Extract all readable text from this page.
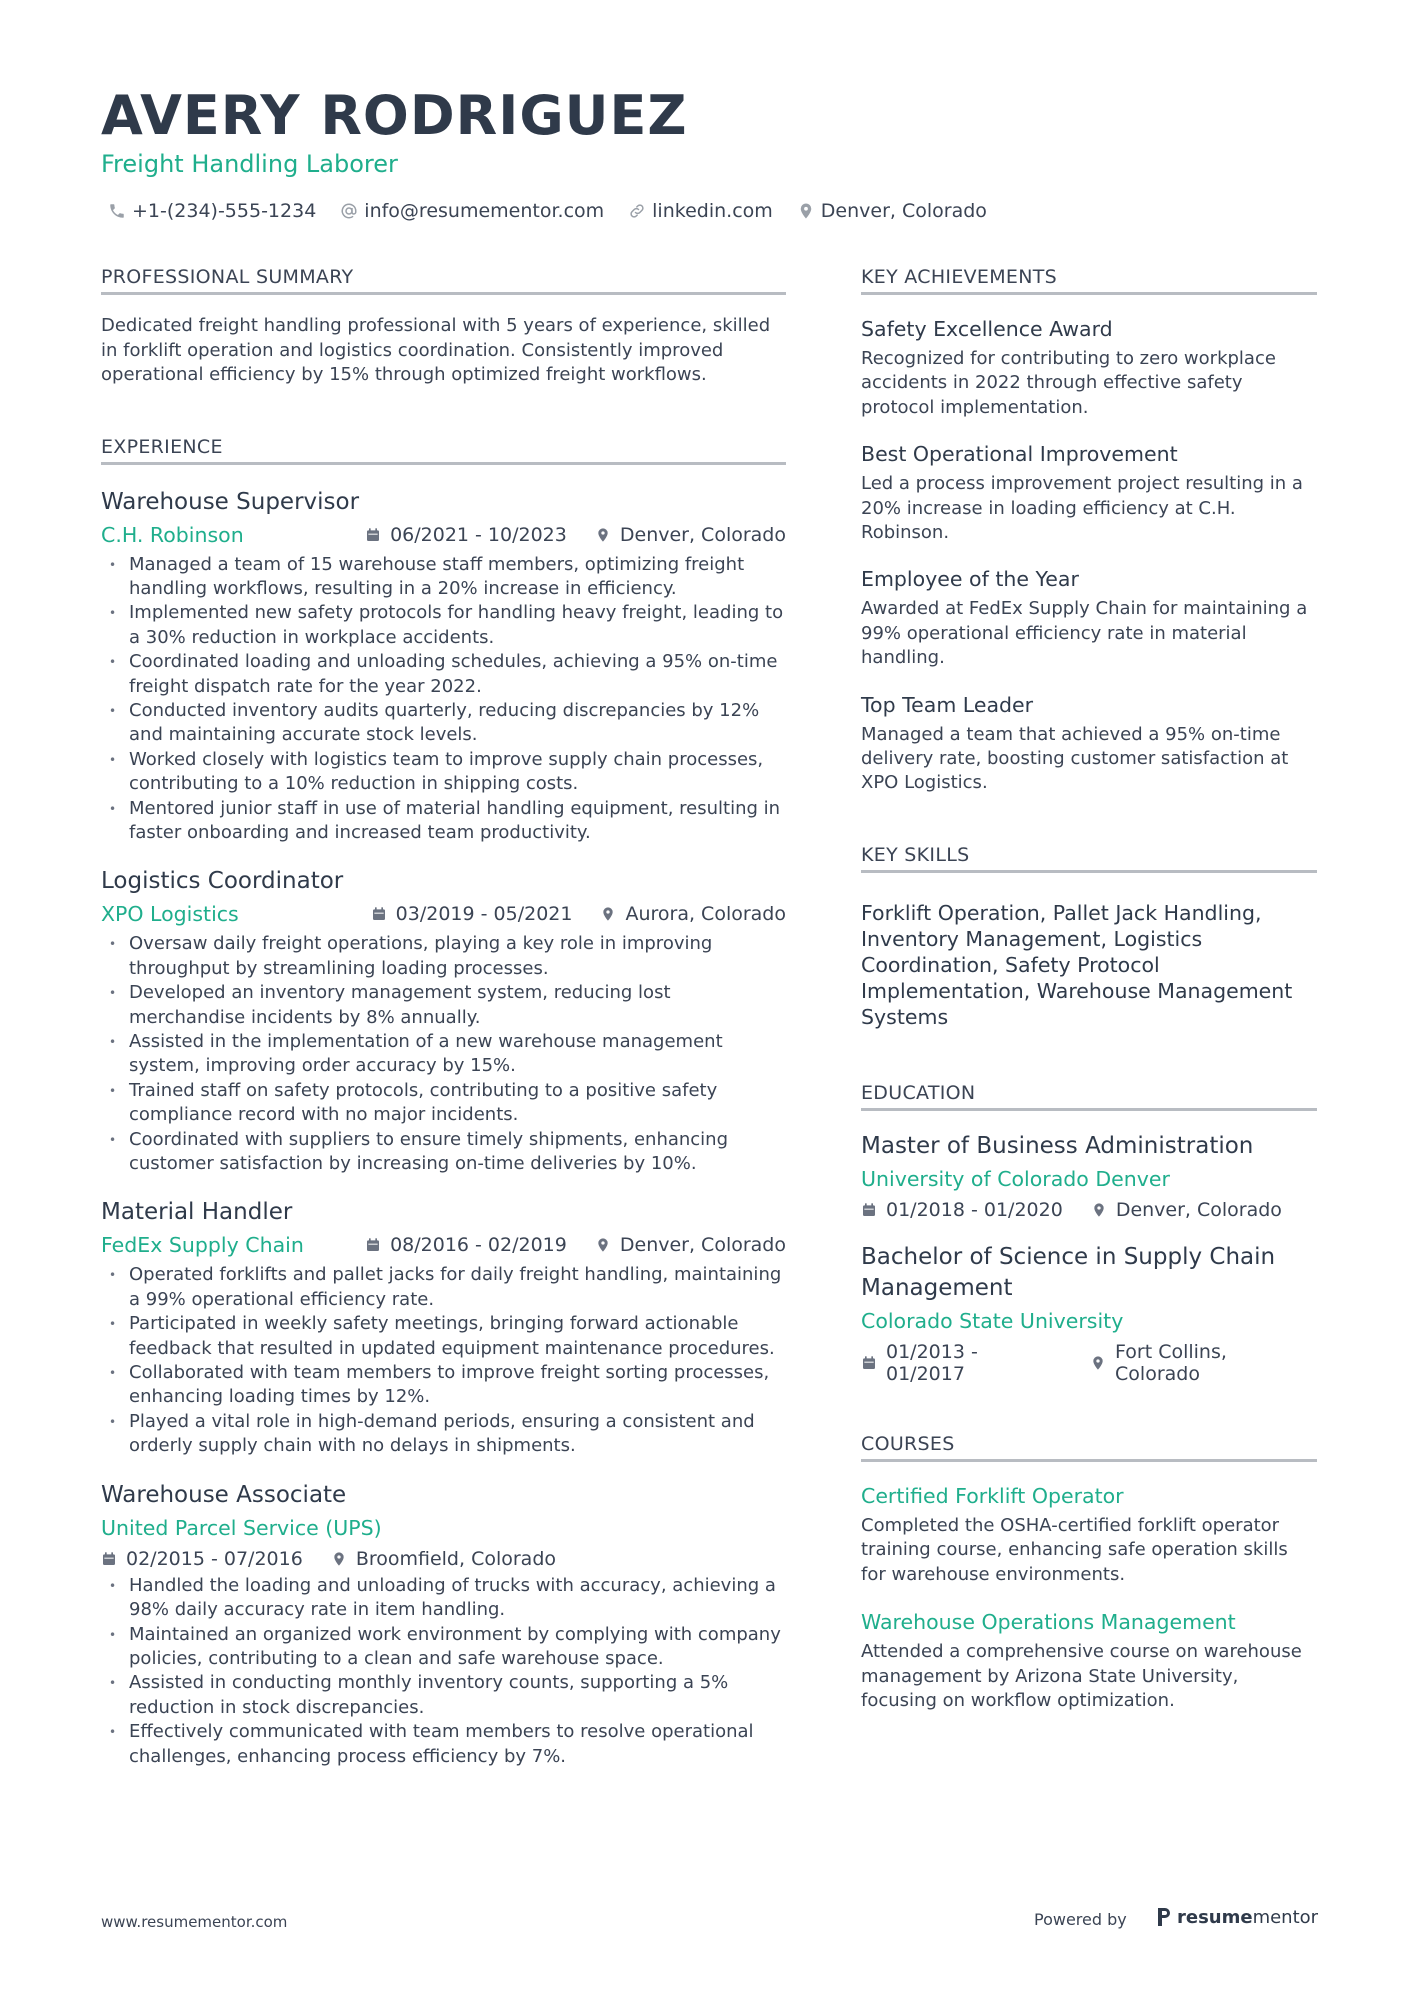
AVERY RODRIGUEZ
Freight Handling Laborer
+1-(234)-555-1234	info@resumementor.com	linkedin.com	Denver, Colorado
PROFESSIONAL SUMMARY
Dedicated freight handling professional with 5 years of experience, skilled in forklift operation and logistics coordination. Consistently improved operational efficiency by 15% through optimized freight workflows.
EXPERIENCE
Warehouse Supervisor
C.H. Robinson	06/2021 - 10/2023	Denver, Colorado
• Managed a team of 15 warehouse staff members, optimizing freight handling workflows, resulting in a 20% increase in efficiency.
• Implemented new safety protocols for handling heavy freight, leading to a 30% reduction in workplace accidents.
• Coordinated loading and unloading schedules, achieving a 95% on-time freight dispatch rate for the year 2022.
• Conducted inventory audits quarterly, reducing discrepancies by 12% and maintaining accurate stock levels.
• Worked closely with logistics team to improve supply chain processes, contributing to a 10% reduction in shipping costs.
• Mentored junior staff in use of material handling equipment, resulting in faster onboarding and increased team productivity.
Logistics Coordinator
XPO Logistics	03/2019 - 05/2021	Aurora, Colorado
• Oversaw daily freight operations, playing a key role in improving throughput by streamlining loading processes.
• Developed an inventory management system, reducing lost merchandise incidents by 8% annually.
• Assisted in the implementation of a new warehouse management system, improving order accuracy by 15%.
• Trained staff on safety protocols, contributing to a positive safety compliance record with no major incidents.
• Coordinated with suppliers to ensure timely shipments, enhancing customer satisfaction by increasing on-time deliveries by 10%.
Material Handler
FedEx Supply Chain	08/2016 - 02/2019	Denver, Colorado
• Operated forklifts and pallet jacks for daily freight handling, maintaining a 99% operational efficiency rate.
• Participated in weekly safety meetings, bringing forward actionable feedback that resulted in updated equipment maintenance procedures.
• Collaborated with team members to improve freight sorting processes, enhancing loading times by 12%.
• Played a vital role in high-demand periods, ensuring a consistent and orderly supply chain with no delays in shipments.
Warehouse Associate
United Parcel Service (UPS)
02/2015 - 07/2016	Broomfield, Colorado
• Handled the loading and unloading of trucks with accuracy, achieving a 98% daily accuracy rate in item handling.
• Maintained an organized work environment by complying with company policies, contributing to a clean and safe warehouse space.
• Assisted in conducting monthly inventory counts, supporting a 5% reduction in stock discrepancies.
• Effectively communicated with team members to resolve operational challenges, enhancing process efficiency by 7%.
KEY ACHIEVEMENTS
Safety Excellence Award
Recognized for contributing to zero workplace accidents in 2022 through effective safety protocol implementation.
Best Operational Improvement
Led a process improvement project resulting in a 20% increase in loading efficiency at C.H. Robinson.
Employee of the Year
Awarded at FedEx Supply Chain for maintaining a 99% operational efficiency rate in material handling.
Top Team Leader
Managed a team that achieved a 95% on-time delivery rate, boosting customer satisfaction at XPO Logistics.
KEY SKILLS
Forklift Operation, Pallet Jack Handling, Inventory Management, Logistics Coordination, Safety Protocol Implementation, Warehouse Management Systems
EDUCATION
Master of Business Administration
University of Colorado Denver
01/2018 - 01/2020	Denver, Colorado
Bachelor of Science in Supply Chain Management
Colorado State University
01/2013 - 01/2017
Fort Collins, Colorado
COURSES
Certified Forklift Operator
Completed the OSHA-certified forklift operator training course, enhancing safe operation skills for warehouse environments.
Warehouse Operations Management
Attended a comprehensive course on warehouse management by Arizona State University, focusing on workflow optimization.
www.resumementor.com	Powered by	resume mentor
